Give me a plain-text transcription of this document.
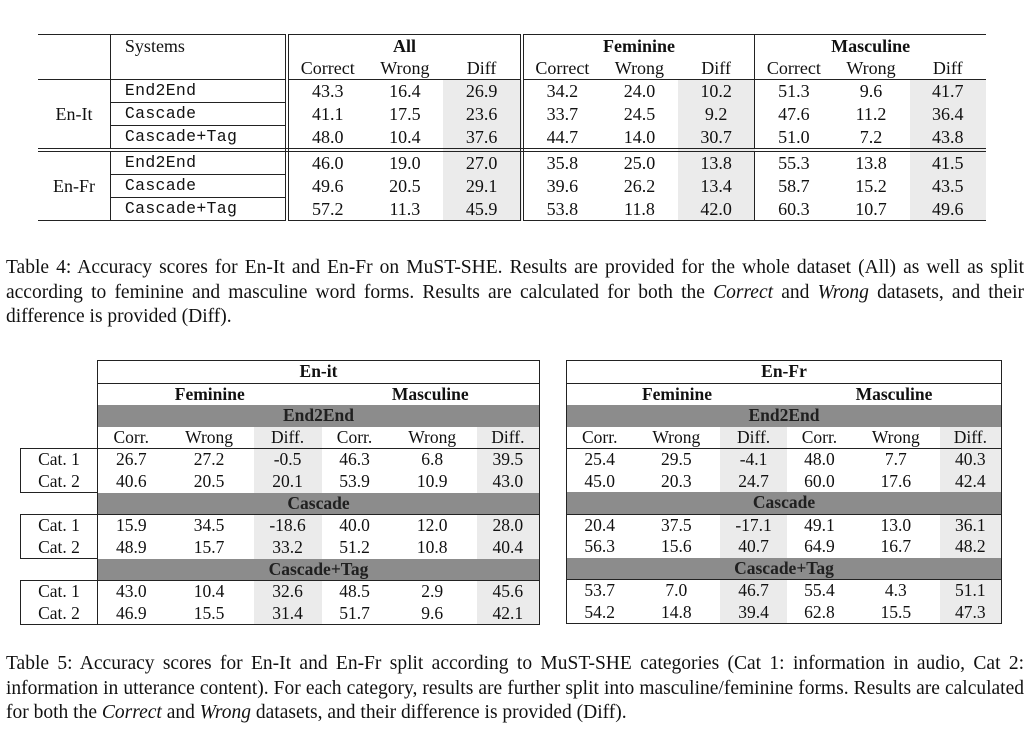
	Systems	All			Feminine			Masculine		
		Correct	Wrong	Diff	Correct	Wrong	Diff	Correct	Wrong	Diff
En-It	End2End	43.3	16.4	26.9	34.2	24.0	10.2	51.3	9.6	41.7
	Cascade	41.1	17.5	23.6	33.7	24.5	9.2	47.6	11.2	36.4
	Cascade+Tag	48.0	10.4	37.6	44.7	14.0	30.7	51.0	7.2	43.8
En-Fr	End2End	46.0	19.0	27.0	35.8	25.0	13.8	55.3	13.8	41.5
	Cascade	49.6	20.5	29.1	39.6	26.2	13.4	58.7	15.2	43.5
	Cascade+Tag	57.2	11.3	45.9	53.8	11.8	42.0	60.3	10.7	49.6

Table 4: Accuracy scores for En-It and En-Fr on MuST-SHE. Results are provided for the whole dataset (All) as well as split according to feminine and masculine word forms. Results are calculated for both the Correct and Wrong datasets, and their difference is provided (Diff).

	En-it					
	Feminine			Masculine		
	End2End					
	Corr.	Wrong	Diff.	Corr.	Wrong	Diff.
Cat. 1	26.7	27.2	-0.5	46.3	6.8	39.5
Cat. 2	40.6	20.5	20.1	53.9	10.9	43.0
	Cascade					
Cat. 1	15.9	34.5	-18.6	40.0	12.0	28.0
Cat. 2	48.9	15.7	33.2	51.2	10.8	40.4
	Cascade+Tag					
Cat. 1	43.0	10.4	32.6	48.5	2.9	45.6
Cat. 2	46.9	15.5	31.4	51.7	9.6	42.1
En-Fr					
Feminine			Masculine		
End2End					
Corr.	Wrong	Diff.	Corr.	Wrong	Diff.
25.4	29.5	-4.1	48.0	7.7	40.3
45.0	20.3	24.7	60.0	17.6	42.4
Cascade					
20.4	37.5	-17.1	49.1	13.0	36.1
56.3	15.6	40.7	64.9	16.7	48.2
Cascade+Tag					
53.7	7.0	46.7	55.4	4.3	51.1
54.2	14.8	39.4	62.8	15.5	47.3

Table 5: Accuracy scores for En-It and En-Fr split according to MuST-SHE categories (Cat 1: information in audio, Cat 2: information in utterance content). For each category, results are further split into masculine/feminine forms. Results are calculated for both the Correct and Wrong datasets, and their difference is provided (Diff).
